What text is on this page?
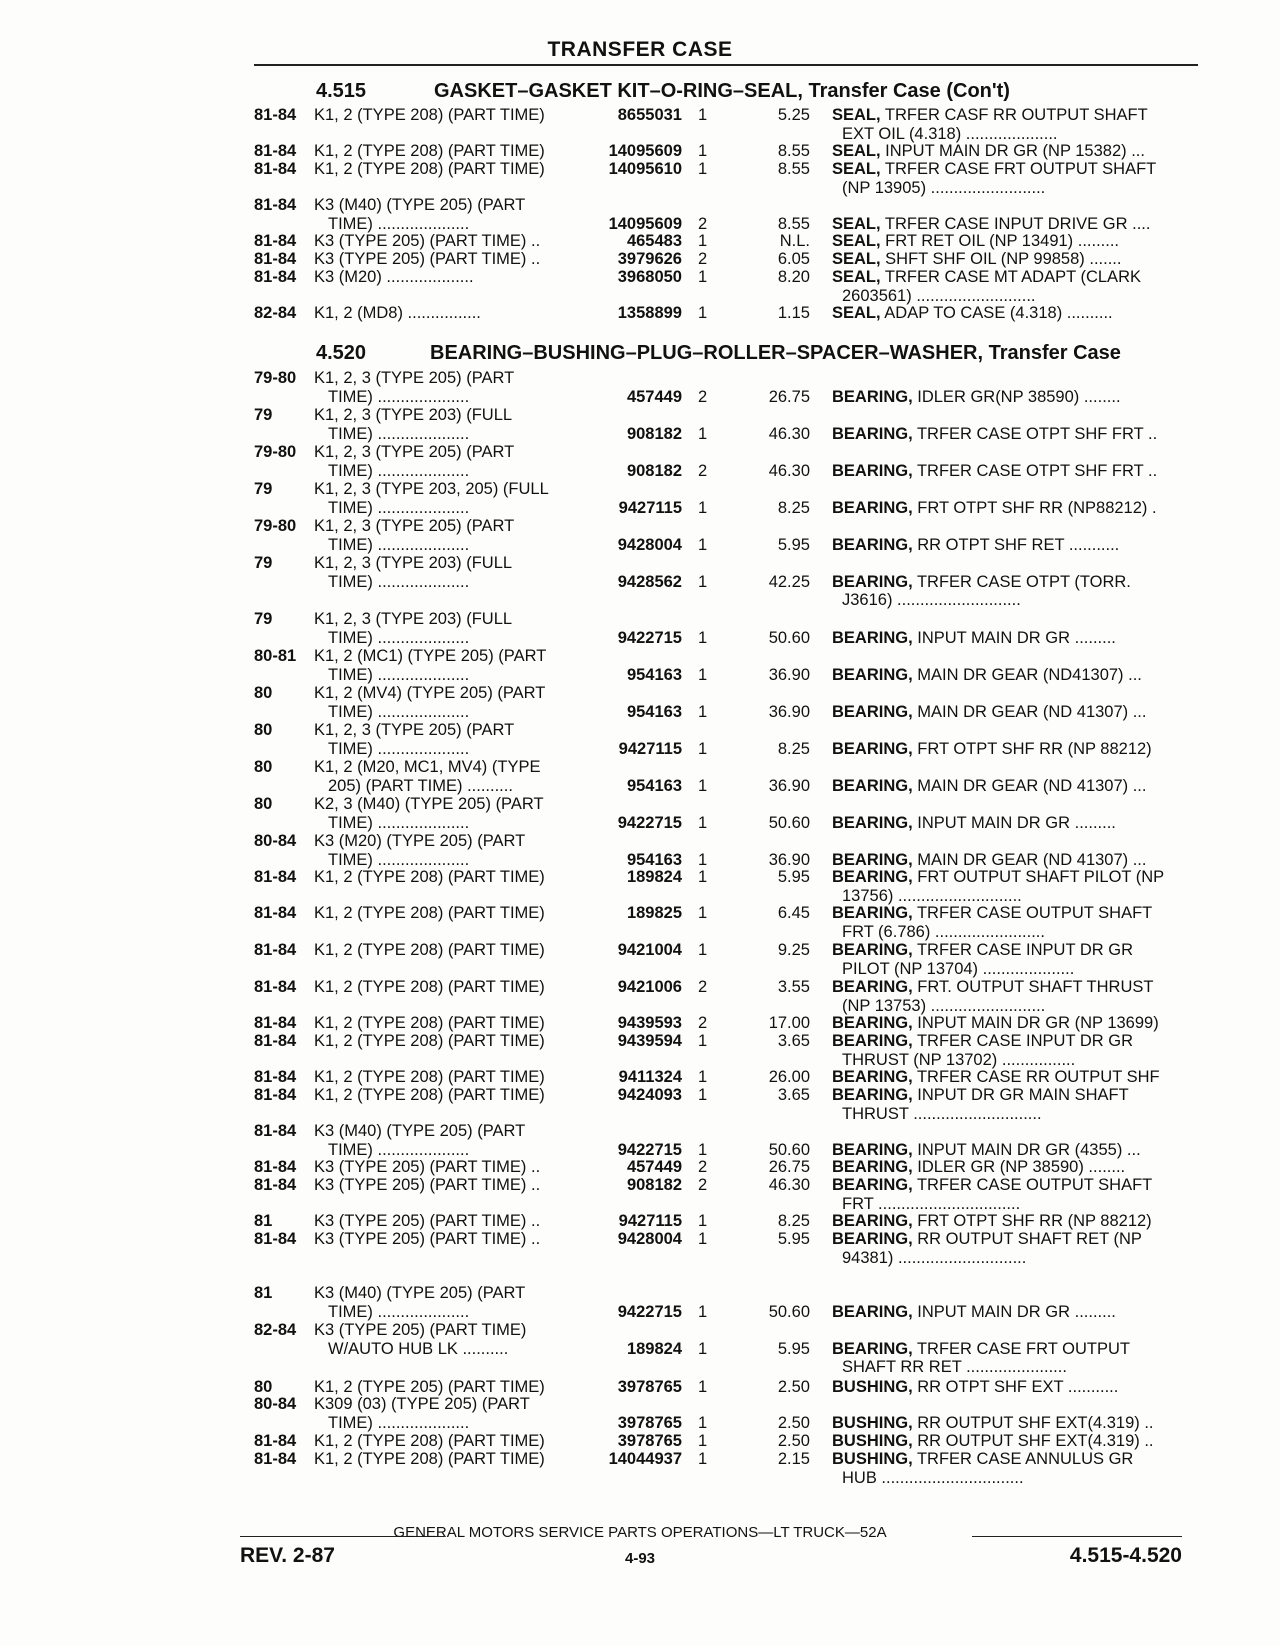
TRANSFER CASE
4.515	GASKET–GASKET KIT–O-RING–SEAL, Transfer Case (Con't)
81-84 K1, 2 (TYPE 208) (PART TIME)	8655031 1	5.25 SEAL, TRFER CASF RR OUTPUT SHAFT
EXT OIL (4.318) ....................
81-84 K1, 2 (TYPE 208) (PART TIME)	14095609 1	8.55 SEAL, INPUT MAIN DR GR (NP 15382) ...
81-84 K1, 2 (TYPE 208) (PART TIME)	14095610 1	8.55 SEAL, TRFER CASE FRT OUTPUT SHAFT
(NP 13905) .........................
81-84 K3 (M40) (TYPE 205) (PART
TIME) ....................	14095609 2	8.55 SEAL, TRFER CASE INPUT DRIVE GR ....
81-84 K3 (TYPE 205) (PART TIME) ..	465483 1	N.L. SEAL, FRT RET OIL (NP 13491) .........
81-84 K3 (TYPE 205) (PART TIME) ..	3979626 2	6.05 SEAL, SHFT SHF OIL (NP 99858) .......
81-84 K3 (M20) ...................	3968050 1	8.20 SEAL, TRFER CASE MT ADAPT (CLARK
2603561) ..........................
82-84 K1, 2 (MD8) ................	1358899 1	1.15 SEAL, ADAP TO CASE (4.318) ..........
4.520	BEARING–BUSHING–PLUG–ROLLER–SPACER–WASHER, Transfer Case
79-80 K1, 2, 3 (TYPE 205) (PART
TIME) ....................	457449 2	26.75 BEARING, IDLER GR(NP 38590) ........
79	K1, 2, 3 (TYPE 203) (FULL
TIME) ....................	908182 1	46.30 BEARING, TRFER CASE OTPT SHF FRT ..
79-80 K1, 2, 3 (TYPE 205) (PART
TIME) ....................	908182 2	46.30 BEARING, TRFER CASE OTPT SHF FRT ..
79	K1, 2, 3 (TYPE 203, 205) (FULL
TIME) ....................	9427115 1	8.25 BEARING, FRT OTPT SHF RR (NP88212) .
79-80 K1, 2, 3 (TYPE 205) (PART
TIME) ....................	9428004 1	5.95 BEARING, RR OTPT SHF RET ...........
79	K1, 2, 3 (TYPE 203) (FULL
TIME) ....................	9428562 1	42.25 BEARING, TRFER CASE OTPT (TORR.
J3616) ...........................
79	K1, 2, 3 (TYPE 203) (FULL
TIME) ....................	9422715 1	50.60 BEARING, INPUT MAIN DR GR .........
80-81 K1, 2 (MC1) (TYPE 205) (PART
TIME) ....................	954163 1	36.90 BEARING, MAIN DR GEAR (ND41307) ...
80	K1, 2 (MV4) (TYPE 205) (PART
TIME) ....................	954163 1	36.90 BEARING, MAIN DR GEAR (ND 41307) ...
80	K1, 2, 3 (TYPE 205) (PART
TIME) ....................	9427115 1	8.25 BEARING, FRT OTPT SHF RR (NP 88212)
80	K1, 2 (M20, MC1, MV4) (TYPE
205) (PART TIME) ..........	954163 1	36.90 BEARING, MAIN DR GEAR (ND 41307) ...
80	K2, 3 (M40) (TYPE 205) (PART
TIME) ....................	9422715 1	50.60 BEARING, INPUT MAIN DR GR .........
80-84 K3 (M20) (TYPE 205) (PART
TIME) ....................	954163 1	36.90 BEARING, MAIN DR GEAR (ND 41307) ...
81-84 K1, 2 (TYPE 208) (PART TIME)	189824 1	5.95 BEARING, FRT OUTPUT SHAFT PILOT (NP
13756) ...........................
81-84 K1, 2 (TYPE 208) (PART TIME)	189825 1	6.45 BEARING, TRFER CASE OUTPUT SHAFT
FRT (6.786) ........................
81-84 K1, 2 (TYPE 208) (PART TIME)	9421004 1	9.25 BEARING, TRFER CASE INPUT DR GR
PILOT (NP 13704) ....................
81-84 K1, 2 (TYPE 208) (PART TIME)	9421006 2	3.55 BEARING, FRT. OUTPUT SHAFT THRUST
(NP 13753) .........................
81-84 K1, 2 (TYPE 208) (PART TIME)	9439593 2	17.00 BEARING, INPUT MAIN DR GR (NP 13699)
81-84 K1, 2 (TYPE 208) (PART TIME)	9439594 1	3.65 BEARING, TRFER CASE INPUT DR GR
THRUST (NP 13702) ................
81-84 K1, 2 (TYPE 208) (PART TIME)	9411324 1	26.00 BEARING, TRFER CASE RR OUTPUT SHF
81-84 K1, 2 (TYPE 208) (PART TIME)	9424093 1	3.65 BEARING, INPUT DR GR MAIN SHAFT
THRUST ............................
81-84 K3 (M40) (TYPE 205) (PART
TIME) ....................	9422715 1	50.60 BEARING, INPUT MAIN DR GR (4355) ...
81-84 K3 (TYPE 205) (PART TIME) ..	457449 2	26.75 BEARING, IDLER GR (NP 38590) ........
81-84 K3 (TYPE 205) (PART TIME) ..	908182 2	46.30 BEARING, TRFER CASE OUTPUT SHAFT
FRT ...............................
81	K3 (TYPE 205) (PART TIME) ..	9427115 1	8.25 BEARING, FRT OTPT SHF RR (NP 88212)
81-84 K3 (TYPE 205) (PART TIME) ..	9428004 1	5.95 BEARING, RR OUTPUT SHAFT RET (NP
94381) ............................
81	K3 (M40) (TYPE 205) (PART
TIME) ....................	9422715 1	50.60 BEARING, INPUT MAIN DR GR .........
82-84 K3 (TYPE 205) (PART TIME)
W/AUTO HUB LK ..........	189824 1	5.95 BEARING, TRFER CASE FRT OUTPUT
SHAFT RR RET ......................
80	K1, 2 (TYPE 205) (PART TIME)	3978765 1	2.50 BUSHING, RR OTPT SHF EXT ...........
80-84 K309 (03) (TYPE 205) (PART
TIME) ....................	3978765 1	2.50 BUSHING, RR OUTPUT SHF EXT(4.319) ..
81-84 K1, 2 (TYPE 208) (PART TIME)	3978765 1	2.50 BUSHING, RR OUTPUT SHF EXT(4.319) ..
81-84 K1, 2 (TYPE 208) (PART TIME)	14044937 1	2.15 BUSHING, TRFER CASE ANNULUS GR
HUB ...............................
GENERAL MOTORS SERVICE PARTS OPERATIONS—LT TRUCK—52A
REV. 2-87	4-93	4.515-4.520
